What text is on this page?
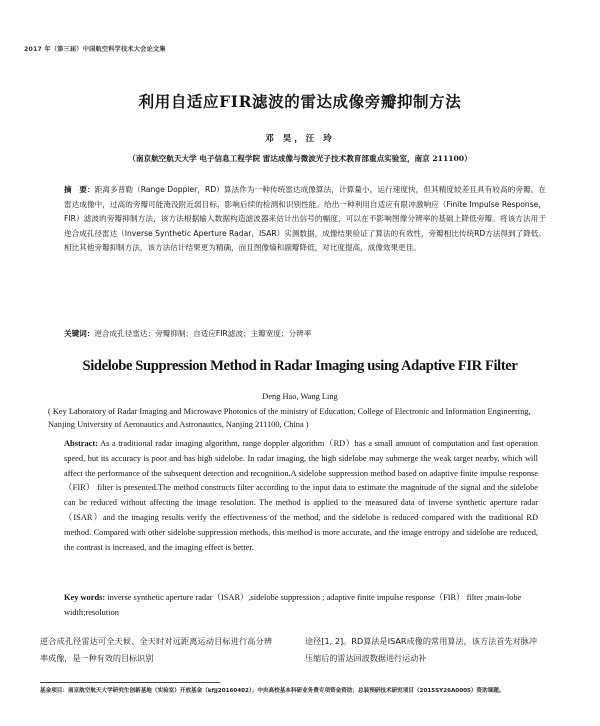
2017 年（第三届）中国航空科学技术大会论文集
利用自适应FIR滤波的雷达成像旁瓣抑制方法
邓 昊，汪 玲
（南京航空航天大学 电子信息工程学院 雷达成像与微波光子技术教育部重点实验室，南京 211100）
摘　要：距离多普勒（Range Doppler，RD）算法作为一种传统雷达成像算法，计算量小，运行速度快，但其精度较差且具有较高的旁瓣。在雷达成像中，过高的旁瓣可能淹没附近弱目标，影响后续的检测和识别性能。给出一种利用自适应有限冲激响应（Finite Impulse Response，FIR）滤波的旁瓣抑制方法，该方法根据输入数据构造滤波器来估计出信号的幅度，可以在不影响图像分辨率的基础上降低旁瓣。将该方法用于逆合成孔径雷达（Inverse Synthetic Aperture Radar，ISAR）实测数据，成像结果验证了算法的有效性，旁瓣相比传统RD方法得到了降低。相比其他旁瓣抑制方法，该方法估计结果更为精确，而且图像熵和副瓣降低，对比度提高，成像效果更佳。
关键词：逆合成孔径雷达；旁瓣抑制；自适应FIR滤波；主瓣宽度；分辨率
Sidelobe Suppression Method in Radar Imaging using Adaptive FIR Filter
Deng Hao, Wang Ling
( Key Laboratory of Radar Imaging and Microwave Photonics of the ministry of Education, College of Electronic and Information Engineering, Nanjing University of Aeronautics and Astronautics, Nanjing 211100, China )
Abstract: As a traditional radar imaging algorithm, range doppler algorithm（RD）has a small amount of computation and fast operation speed, but its accuracy is poor and has high sidelobe. In radar imaging, the high sidelobe may submerge the weak target nearby, which will affect the performance of the subsequent detection and recognition.A sidelobe suppression method based on adaptive finite impulse response（FIR） filter is presented.The method constructs filter according to the input data to estimate the magnitude of the signal and the sidelobe can be reduced without affecting the image resolution. The method is applied to the measured data of inverse synthetic aperture radar（ISAR）and the imaging results verify the effectiveness of the method, and the sidelobe is reduced compared with the traditional RD method. Compared with other sidelobe suppression methods, this method is more accurate, and the image entropy and sidelobe are reduced, the contrast is increased, and the imaging effect is better.
Key words: inverse synthetic aperture radar（ISAR）,sidelobe suppression ; adaptive finite impulse response（FIR） filter ;main-lobe width;resolution
逆合成孔径雷达可全天候、全天时对远距离运动目标进行高分辨率成像，是一种有效的目标识别
途径[1, 2]。RD算法是ISAR成像的常用算法，该方法首先对脉冲压缩后的雷达回波数据进行运动补
基金项目：南京航空航天大学研究生创新基地（实验室）开放基金（kfjj20160402）；中央高校基本科研业务费专项资金资助；总装预研技术研究项目（2015SY26A0005）资助课题。
